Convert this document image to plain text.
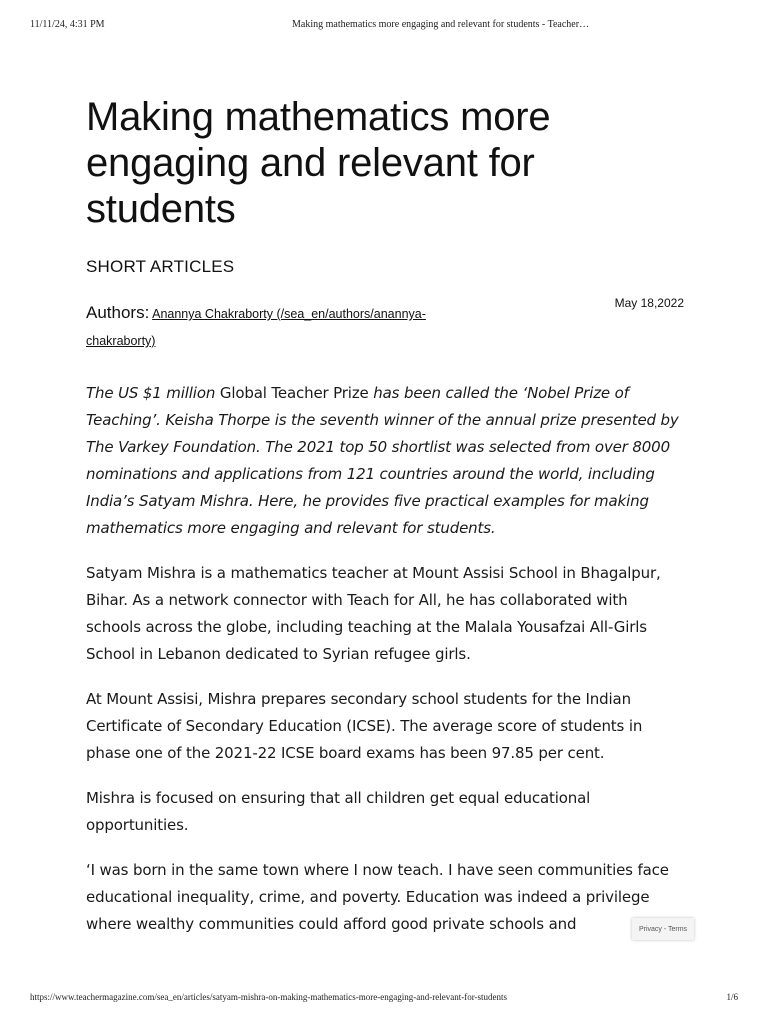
11/11/24, 4:31 PM	Making mathematics more engaging and relevant for students - Teacher…
Making mathematics more engaging and relevant for students
SHORT ARTICLES
Authors: Anannya Chakraborty (/sea_en/authors/anannya-chakraborty)
May 18,2022

The US $1 million Global Teacher Prize has been called the ‘Nobel Prize of Teaching’. Keisha Thorpe is the seventh winner of the annual prize presented by The Varkey Foundation. The 2021 top 50 shortlist was selected from over 8000 nominations and applications from 121 countries around the world, including India’s Satyam Mishra. Here, he provides five practical examples for making mathematics more engaging and relevant for students.

Satyam Mishra is a mathematics teacher at Mount Assisi School in Bhagalpur, Bihar. As a network connector with Teach for All, he has collaborated with schools across the globe, including teaching at the Malala Yousafzai All-Girls School in Lebanon dedicated to Syrian refugee girls.

At Mount Assisi, Mishra prepares secondary school students for the Indian Certificate of Secondary Education (ICSE). The average score of students in phase one of the 2021-22 ICSE board exams has been 97.85 per cent.

Mishra is focused on ensuring that all children get equal educational opportunities.

‘I was born in the same town where I now teach. I have seen communities face educational inequality, crime, and poverty. Education was indeed a privilege where wealthy communities could afford good private schools and	Privacy - Terms
https://www.teachermagazine.com/sea_en/articles/satyam-mishra-on-making-mathematics-more-engaging-and-relevant-for-students	1/6
